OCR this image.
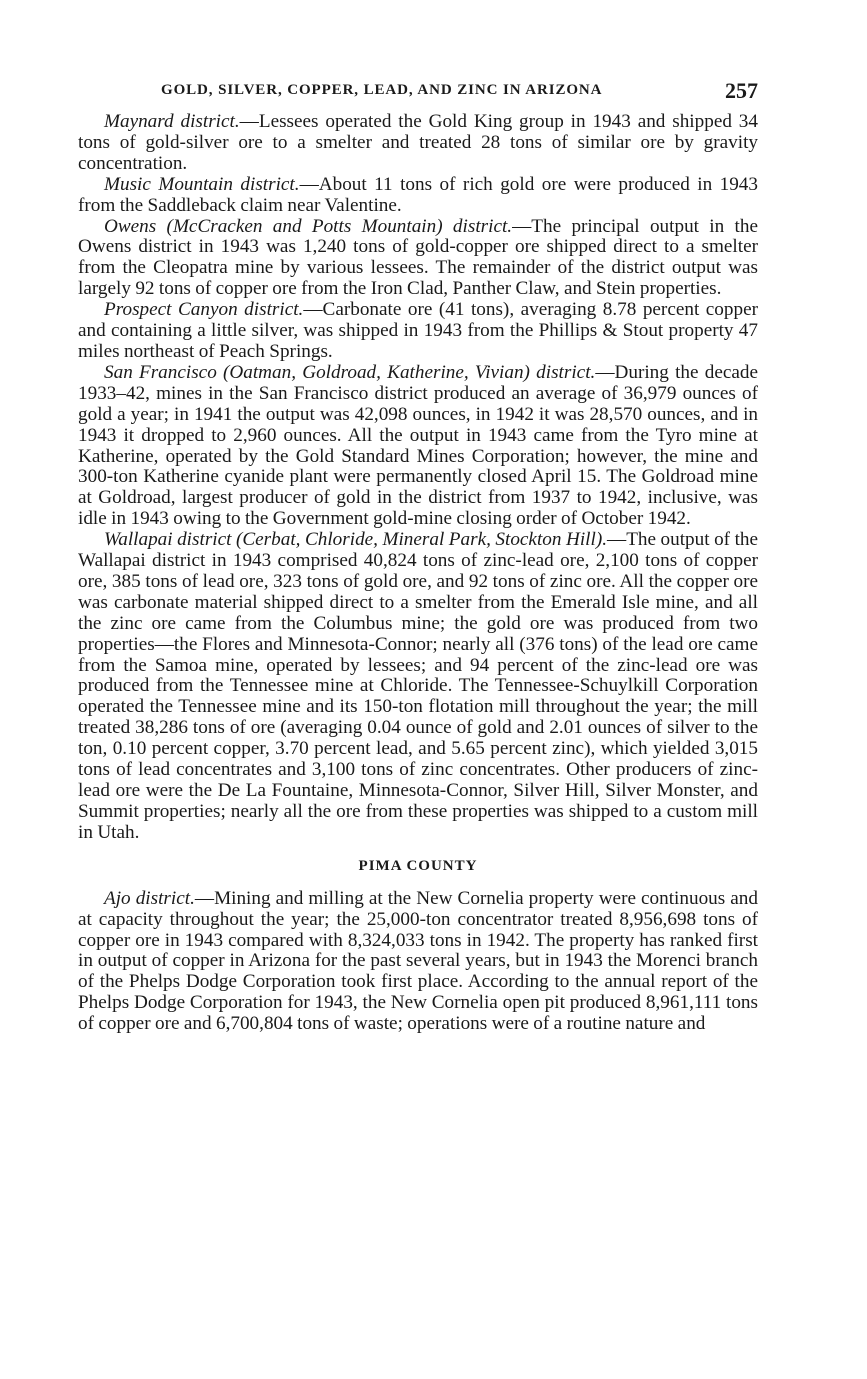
GOLD, SILVER, COPPER, LEAD, AND ZINC IN ARIZONA	257

Maynard district.—Lessees operated the Gold King group in 1943 and shipped 34 tons of gold-silver ore to a smelter and treated 28 tons of similar ore by gravity concentration.

Music Mountain district.—About 11 tons of rich gold ore were produced in 1943 from the Saddleback claim near Valentine.

Owens (McCracken and Potts Mountain) district.—The principal output in the Owens district in 1943 was 1,240 tons of gold-copper ore shipped direct to a smelter from the Cleopatra mine by various lessees. The remainder of the district output was largely 92 tons of copper ore from the Iron Clad, Panther Claw, and Stein properties.

Prospect Canyon district.—Carbonate ore (41 tons), averaging 8.78 percent copper and containing a little silver, was shipped in 1943 from the Phillips & Stout property 47 miles northeast of Peach Springs.

San Francisco (Oatman, Goldroad, Katherine, Vivian) district.—During the decade 1933–42, mines in the San Francisco district produced an average of 36,979 ounces of gold a year; in 1941 the output was 42,098 ounces, in 1942 it was 28,570 ounces, and in 1943 it dropped to 2,960 ounces. All the output in 1943 came from the Tyro mine at Katherine, operated by the Gold Standard Mines Corporation; however, the mine and 300-ton Katherine cyanide plant were permanently closed April 15. The Goldroad mine at Goldroad, largest producer of gold in the district from 1937 to 1942, inclusive, was idle in 1943 owing to the Government gold-mine closing order of October 1942.

Wallapai district (Cerbat, Chloride, Mineral Park, Stockton Hill).—The output of the Wallapai district in 1943 comprised 40,824 tons of zinc-lead ore, 2,100 tons of copper ore, 385 tons of lead ore, 323 tons of gold ore, and 92 tons of zinc ore. All the copper ore was carbonate material shipped direct to a smelter from the Emerald Isle mine, and all the zinc ore came from the Columbus mine; the gold ore was produced from two properties—the Flores and Minnesota-Connor; nearly all (376 tons) of the lead ore came from the Samoa mine, operated by lessees; and 94 percent of the zinc-lead ore was produced from the Tennessee mine at Chloride. The Tennessee-Schuylkill Corporation operated the Tennessee mine and its 150-ton flotation mill throughout the year; the mill treated 38,286 tons of ore (averaging 0.04 ounce of gold and 2.01 ounces of silver to the ton, 0.10 percent copper, 3.70 percent lead, and 5.65 percent zinc), which yielded 3,015 tons of lead concentrates and 3,100 tons of zinc concentrates. Other producers of zinc-lead ore were the De La Fountaine, Minnesota-Connor, Silver Hill, Silver Monster, and Summit properties; nearly all the ore from these properties was shipped to a custom mill in Utah.

PIMA COUNTY

Ajo district.—Mining and milling at the New Cornelia property were continuous and at capacity throughout the year; the 25,000-ton concentrator treated 8,956,698 tons of copper ore in 1943 compared with 8,324,033 tons in 1942. The property has ranked first in output of copper in Arizona for the past several years, but in 1943 the Morenci branch of the Phelps Dodge Corporation took first place. According to the annual report of the Phelps Dodge Corporation for 1943, the New Cornelia open pit produced 8,961,111 tons of copper ore and 6,700,804 tons of waste; operations were of a routine nature and
